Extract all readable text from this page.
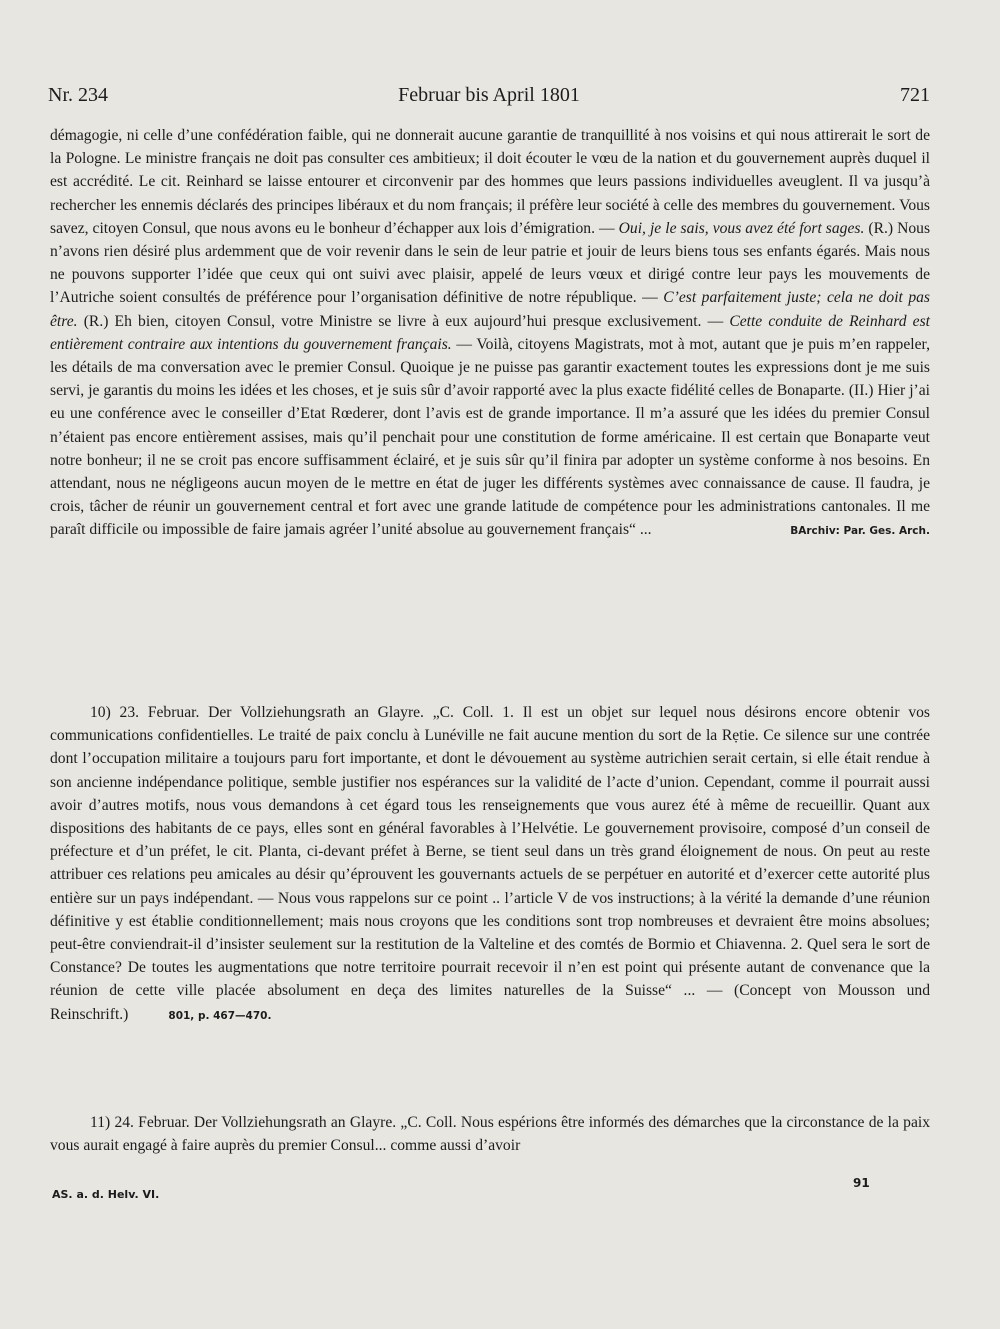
Nr. 234	Februar bis April 1801	721

démagogie, ni celle d’une confédération faible, qui ne donnerait aucune garantie de tranquillité à nos voisins et qui nous attirerait le sort de la Pologne. Le ministre français ne doit pas consulter ces ambitieux; il doit écouter le vœu de la nation et du gouvernement auprès duquel il est accrédité. Le cit. Reinhard se laisse entourer et circonvenir par des hommes que leurs passions individuelles aveuglent. Il va jusqu’à rechercher les ennemis déclarés des principes libéraux et du nom français; il préfère leur société à celle des membres du gouvernement. Vous savez, citoyen Consul, que nous avons eu le bonheur d’échapper aux lois d’émigration. — Oui, je le sais, vous avez été fort sages. (R.) Nous n’avons rien désiré plus ardemment que de voir revenir dans le sein de leur patrie et jouir de leurs biens tous ses enfants égarés. Mais nous ne pouvons supporter l’idée que ceux qui ont suivi avec plaisir, appelé de leurs vœux et dirigé contre leur pays les mouvements de l’Autriche soient consultés de préférence pour l’organisation définitive de notre république. — C’est parfaitement juste; cela ne doit pas être. (R.) Eh bien, citoyen Consul, votre Ministre se livre à eux aujourd’hui presque exclusivement. — Cette conduite de Reinhard est entièrement contraire aux intentions du gouvernement français. — Voilà, citoyens Magistrats, mot à mot, autant que je puis m’en rappeler, les détails de ma conversation avec le premier Consul. Quoique je ne puisse pas garantir exactement toutes les expressions dont je me suis servi, je garantis du moins les idées et les choses, et je suis sûr d’avoir rapporté avec la plus exacte fidélité celles de Bonaparte. (II.) Hier j’ai eu une conférence avec le conseiller d’Etat Rœderer, dont l’avis est de grande importance. Il m’a assuré que les idées du premier Consul n’étaient pas encore entièrement assises, mais qu’il penchait pour une constitution de forme américaine. Il est certain que Bonaparte veut notre bonheur; il ne se croit pas encore suffisamment éclairé, et je suis sûr qu’il finira par adopter un système conforme à nos besoins. En attendant, nous ne négligeons aucun moyen de le mettre en état de juger les différents systèmes avec connaissance de cause. Il faudra, je crois, tâcher de réunir un gouvernement central et fort avec une grande latitude de compétence pour les administrations cantonales. Il me paraît difficile ou impossible de faire jamais agréer l’unité absolue au gouvernement français“ ...	BArchiv: Par. Ges. Arch.

10) 23. Februar. Der Vollziehungsrath an Glayre. „C. Coll. 1. Il est un objet sur lequel nous désirons encore obtenir vos communications confidentielles. Le traité de paix conclu à Lunéville ne fait aucune mention du sort de la Rẹtie. Ce silence sur une contrée dont l’occupation militaire a toujours paru fort importante, et dont le dévouement au système autrichien serait certain, si elle était rendue à son ancienne indépendance politique, semble justifier nos espérances sur la validité de l’acte d’union. Cependant, comme il pourrait aussi avoir d’autres motifs, nous vous demandons à cet égard tous les renseignements que vous aurez été à même de recueillir. Quant aux dispositions des habitants de ce pays, elles sont en général favorables à l’Helvétie. Le gouvernement provisoire, composé d’un conseil de préfecture et d’un préfet, le cit. Planta, ci-devant préfet à Berne, se tient seul dans un très grand éloignement de nous. On peut au reste attribuer ces relations peu amicales au désir qu’éprouvent les gouvernants actuels de se perpétuer en autorité et d’exercer cette autorité plus entière sur un pays indépendant. — Nous vous rappelons sur ce point .. l’article V de vos instructions; à la vérité la demande d’une réunion définitive y est établie conditionnellement; mais nous croyons que les conditions sont trop nombreuses et devraient être moins absolues; peut-être conviendrait-il d’insister seulement sur la restitution de la Valteline et des comtés de Bormio et Chiavenna. 2. Quel sera le sort de Constance? De toutes les augmentations que notre territoire pourrait recevoir il n’en est point qui présente autant de convenance que la réunion de cette ville placée absolument en deça des limites naturelles de la Suisse“ ... — (Concept von Mousson und Reinschrift.)	801, p. 467—470.

11) 24. Februar. Der Vollziehungsrath an Glayre. „C. Coll. Nous espérions être informés des démarches que la circonstance de la paix vous aurait engagé à faire auprès du premier Consul... comme aussi d’avoir

91
AS. a. d. Helv. VI.
